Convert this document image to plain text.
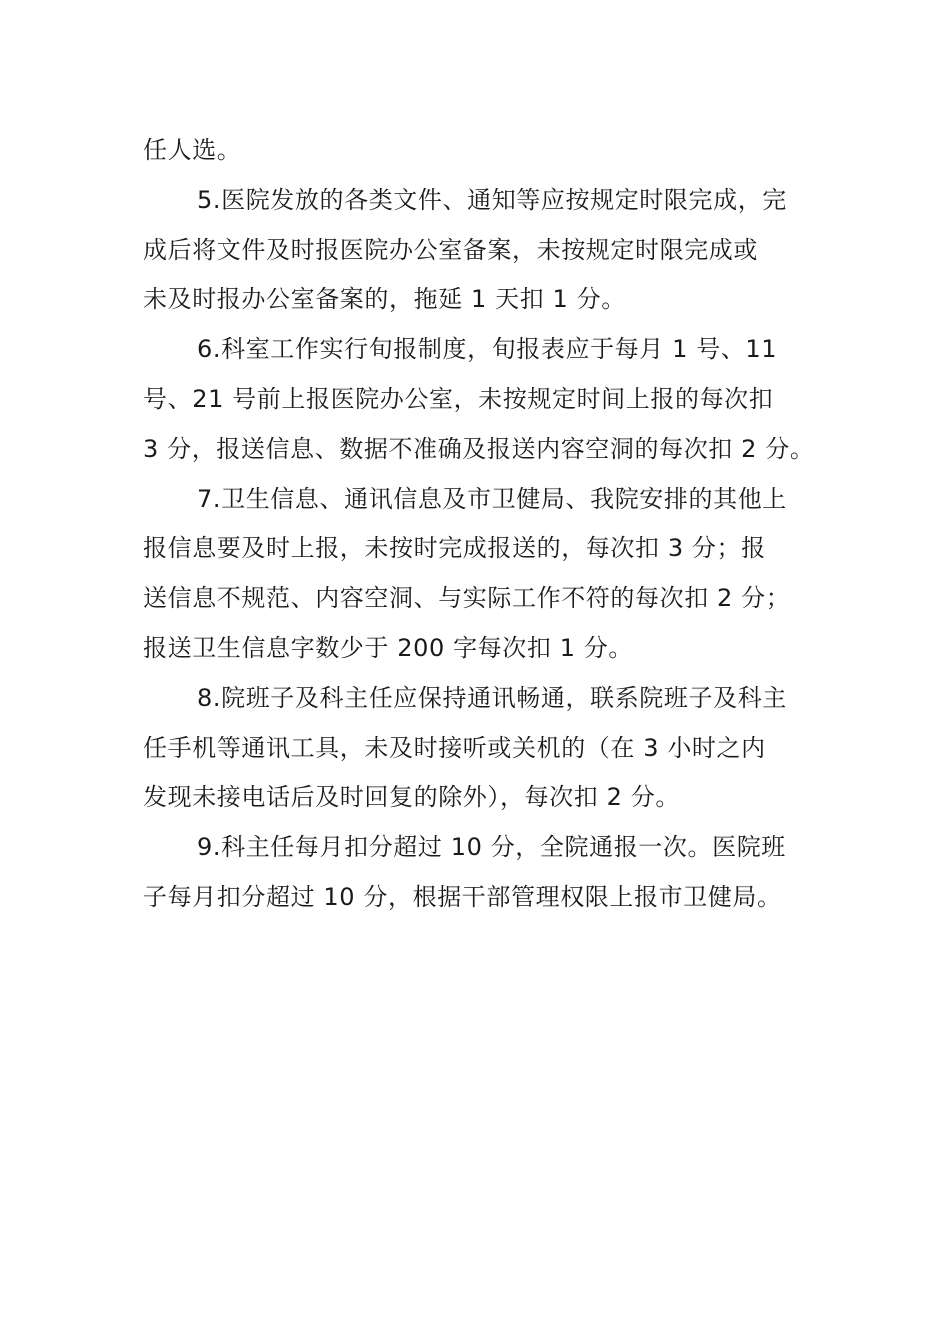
任人选。

5.医院发放的各类文件、通知等应按规定时限完成，完
成后将文件及时报医院办公室备案，未按规定时限完成或
未及时报办公室备案的，拖延 1 天扣 1 分。

6.科室工作实行旬报制度，旬报表应于每月 1 号、11
号、21 号前上报医院办公室，未按规定时间上报的每次扣
3 分，报送信息、数据不准确及报送内容空洞的每次扣 2 分。

7.卫生信息、通讯信息及市卫健局、我院安排的其他上
报信息要及时上报，未按时完成报送的，每次扣 3 分；报
送信息不规范、内容空洞、与实际工作不符的每次扣 2 分；
报送卫生信息字数少于 200 字每次扣 1 分。

8.院班子及科主任应保持通讯畅通，联系院班子及科主
任手机等通讯工具，未及时接听或关机的（在 3 小时之内
发现未接电话后及时回复的除外），每次扣 2 分。

9.科主任每月扣分超过 10 分，全院通报一次。医院班
子每月扣分超过 10 分，根据干部管理权限上报市卫健局。
